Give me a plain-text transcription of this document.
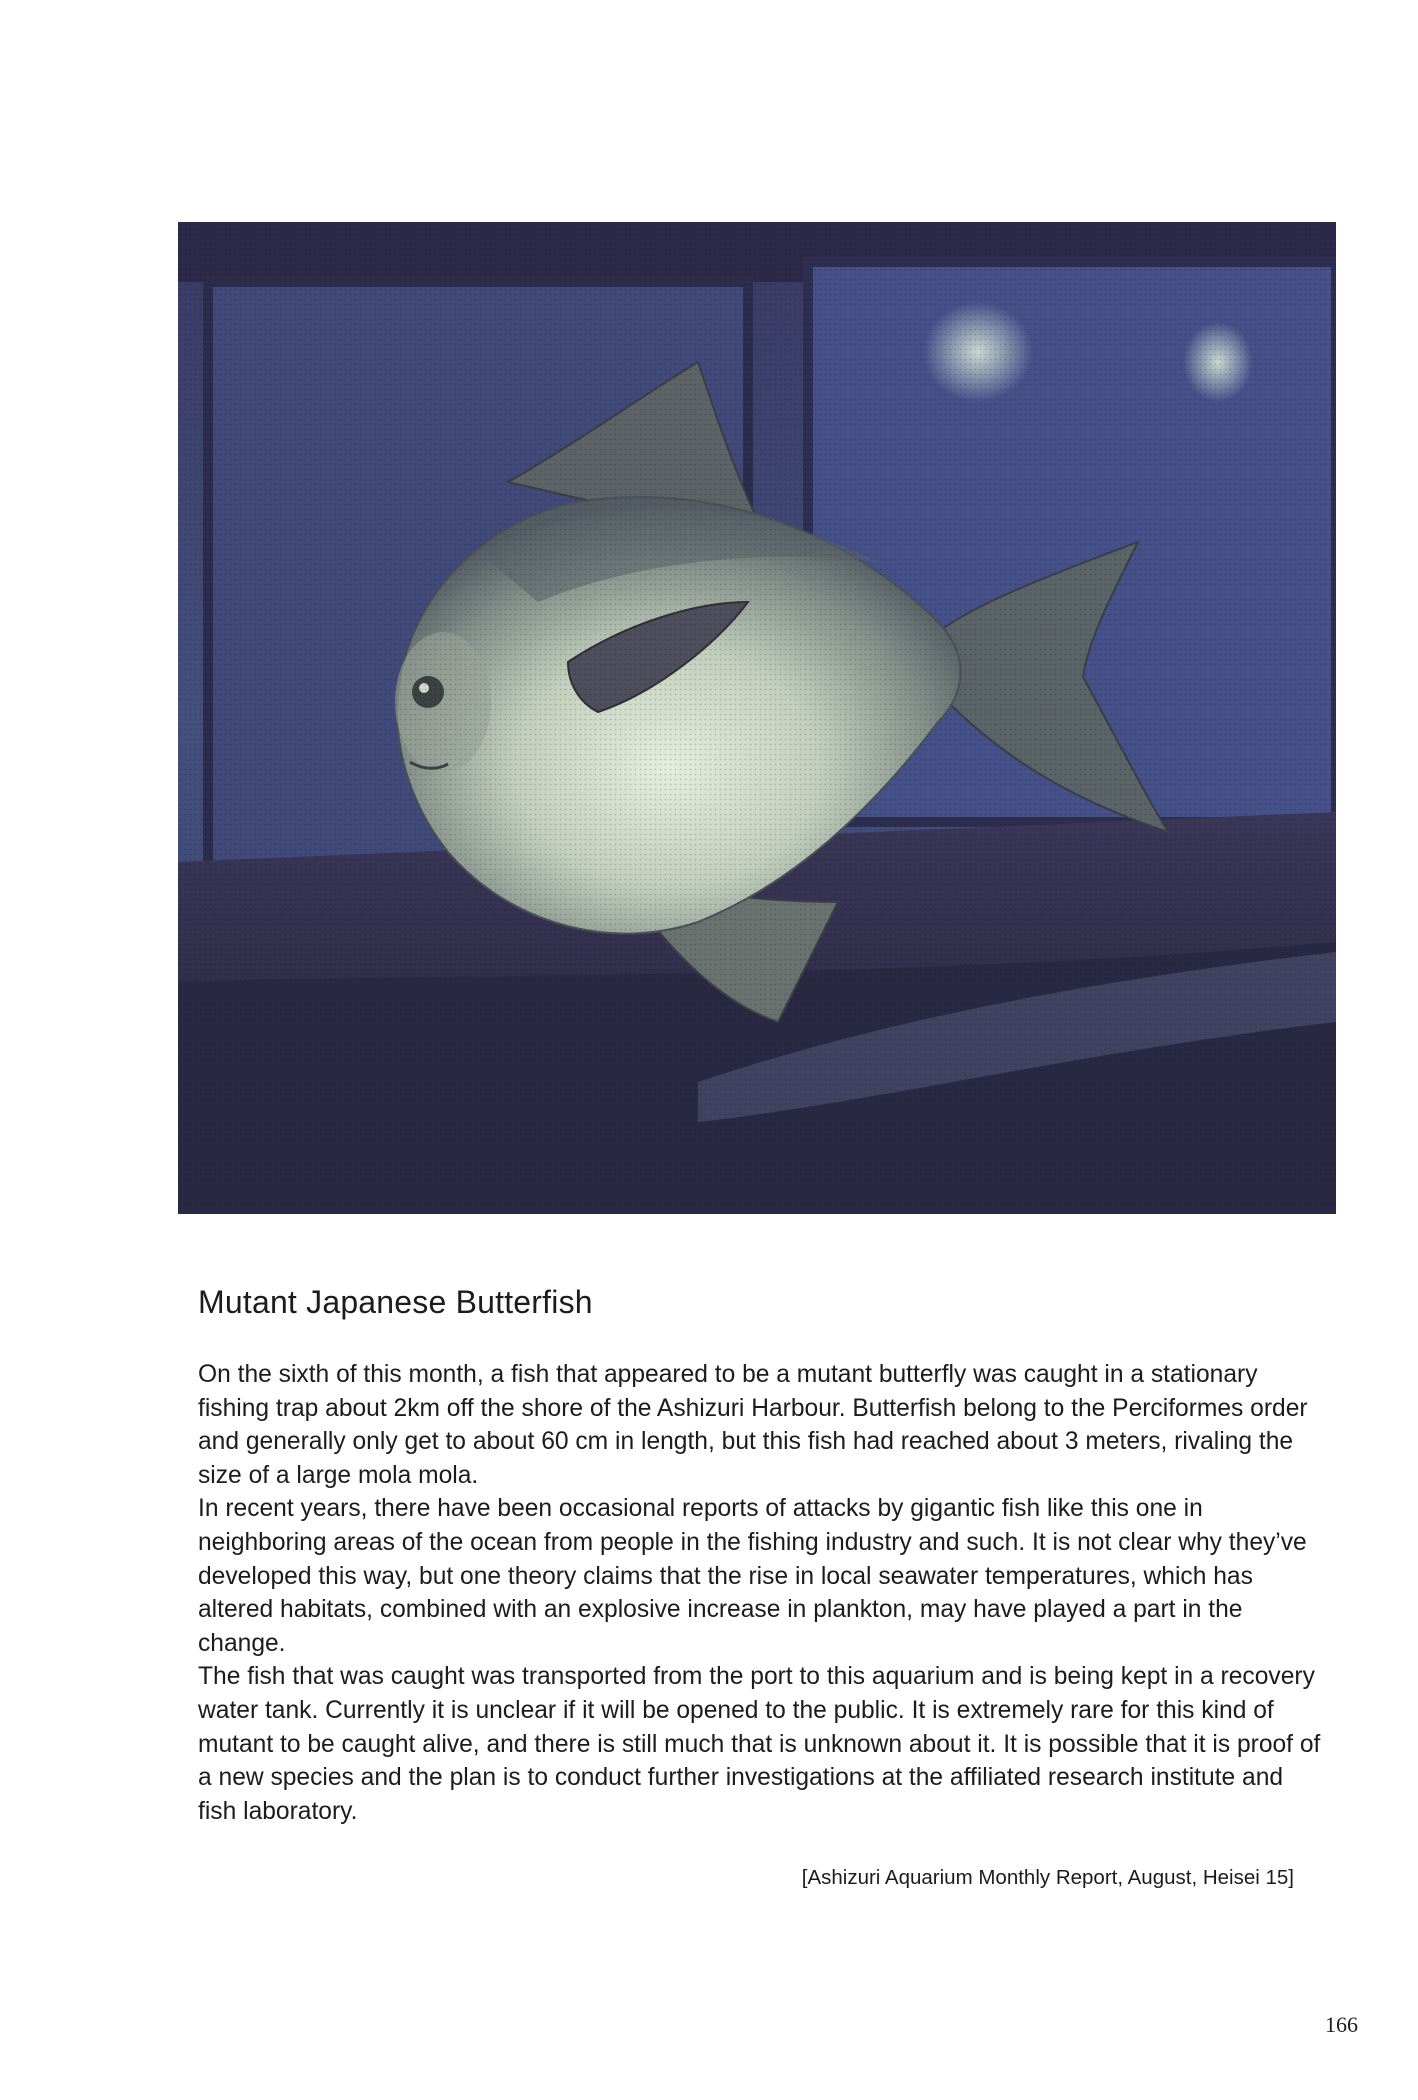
Mutant Japanese Butterfish

On the sixth of this month, a fish that appeared to be a mutant butterfly was caught in a stationary fishing trap about 2km off the shore of the Ashizuri Harbour. Butterfish belong to the Perciformes order and generally only get to about 60 cm in length, but this fish had reached about 3 meters, rivaling the size of a large mola mola.

In recent years, there have been occasional reports of attacks by gigantic fish like this one in neighboring areas of the ocean from people in the fishing industry and such. It is not clear why they’ve developed this way, but one theory claims that the rise in local seawater temperatures, which has altered habitats, combined with an explosive increase in plankton, may have played a part in the change.

The fish that was caught was transported from the port to this aquarium and is being kept in a recovery water tank. Currently it is unclear if it will be opened to the public. It is extremely rare for this kind of mutant to be caught alive, and there is still much that is unknown about it. It is possible that it is proof of a new species and the plan is to conduct further investigations at the affiliated research institute and fish laboratory.

[Ashizuri Aquarium Monthly Report, August, Heisei 15]
166
